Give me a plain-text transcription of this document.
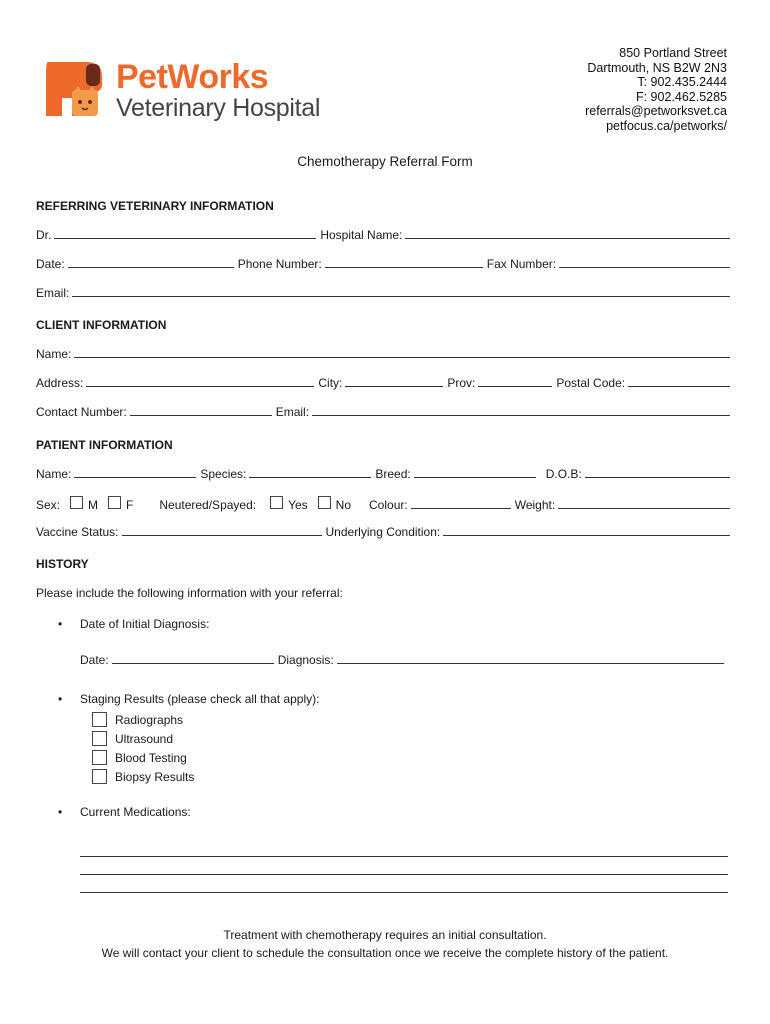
PetWorks
Veterinary Hospital
850 Portland Street
Dartmouth, NS B2W 2N3
T: 902.435.2444
F: 902.462.5285
referrals@petworksvet.ca
petfocus.ca/petworks/
Chemotherapy Referral Form
REFERRING VETERINARY INFORMATION
Dr.	Hospital Name:
Date:	Phone Number:	Fax Number:
Email:
CLIENT INFORMATION
Name:
Address:	City:	Prov:	Postal Code:
Contact Number:	Email:
PATIENT INFORMATION
Name:	Species:	Breed:	D.O.B:
Sex: M F Neutered/Spayed:	Yes No Colour:	Weight:
Vaccine Status:	Underlying Condition:
HISTORY
Please include the following information with your referral:
• Date of Initial Diagnosis:
Date:	Diagnosis:
• Staging Results (please check all that apply):
Radiographs
Ultrasound
Blood Testing
Biopsy Results
• Current Medications:
Treatment with chemotherapy requires an initial consultation.
We will contact your client to schedule the consultation once we receive the complete history of the patient.
